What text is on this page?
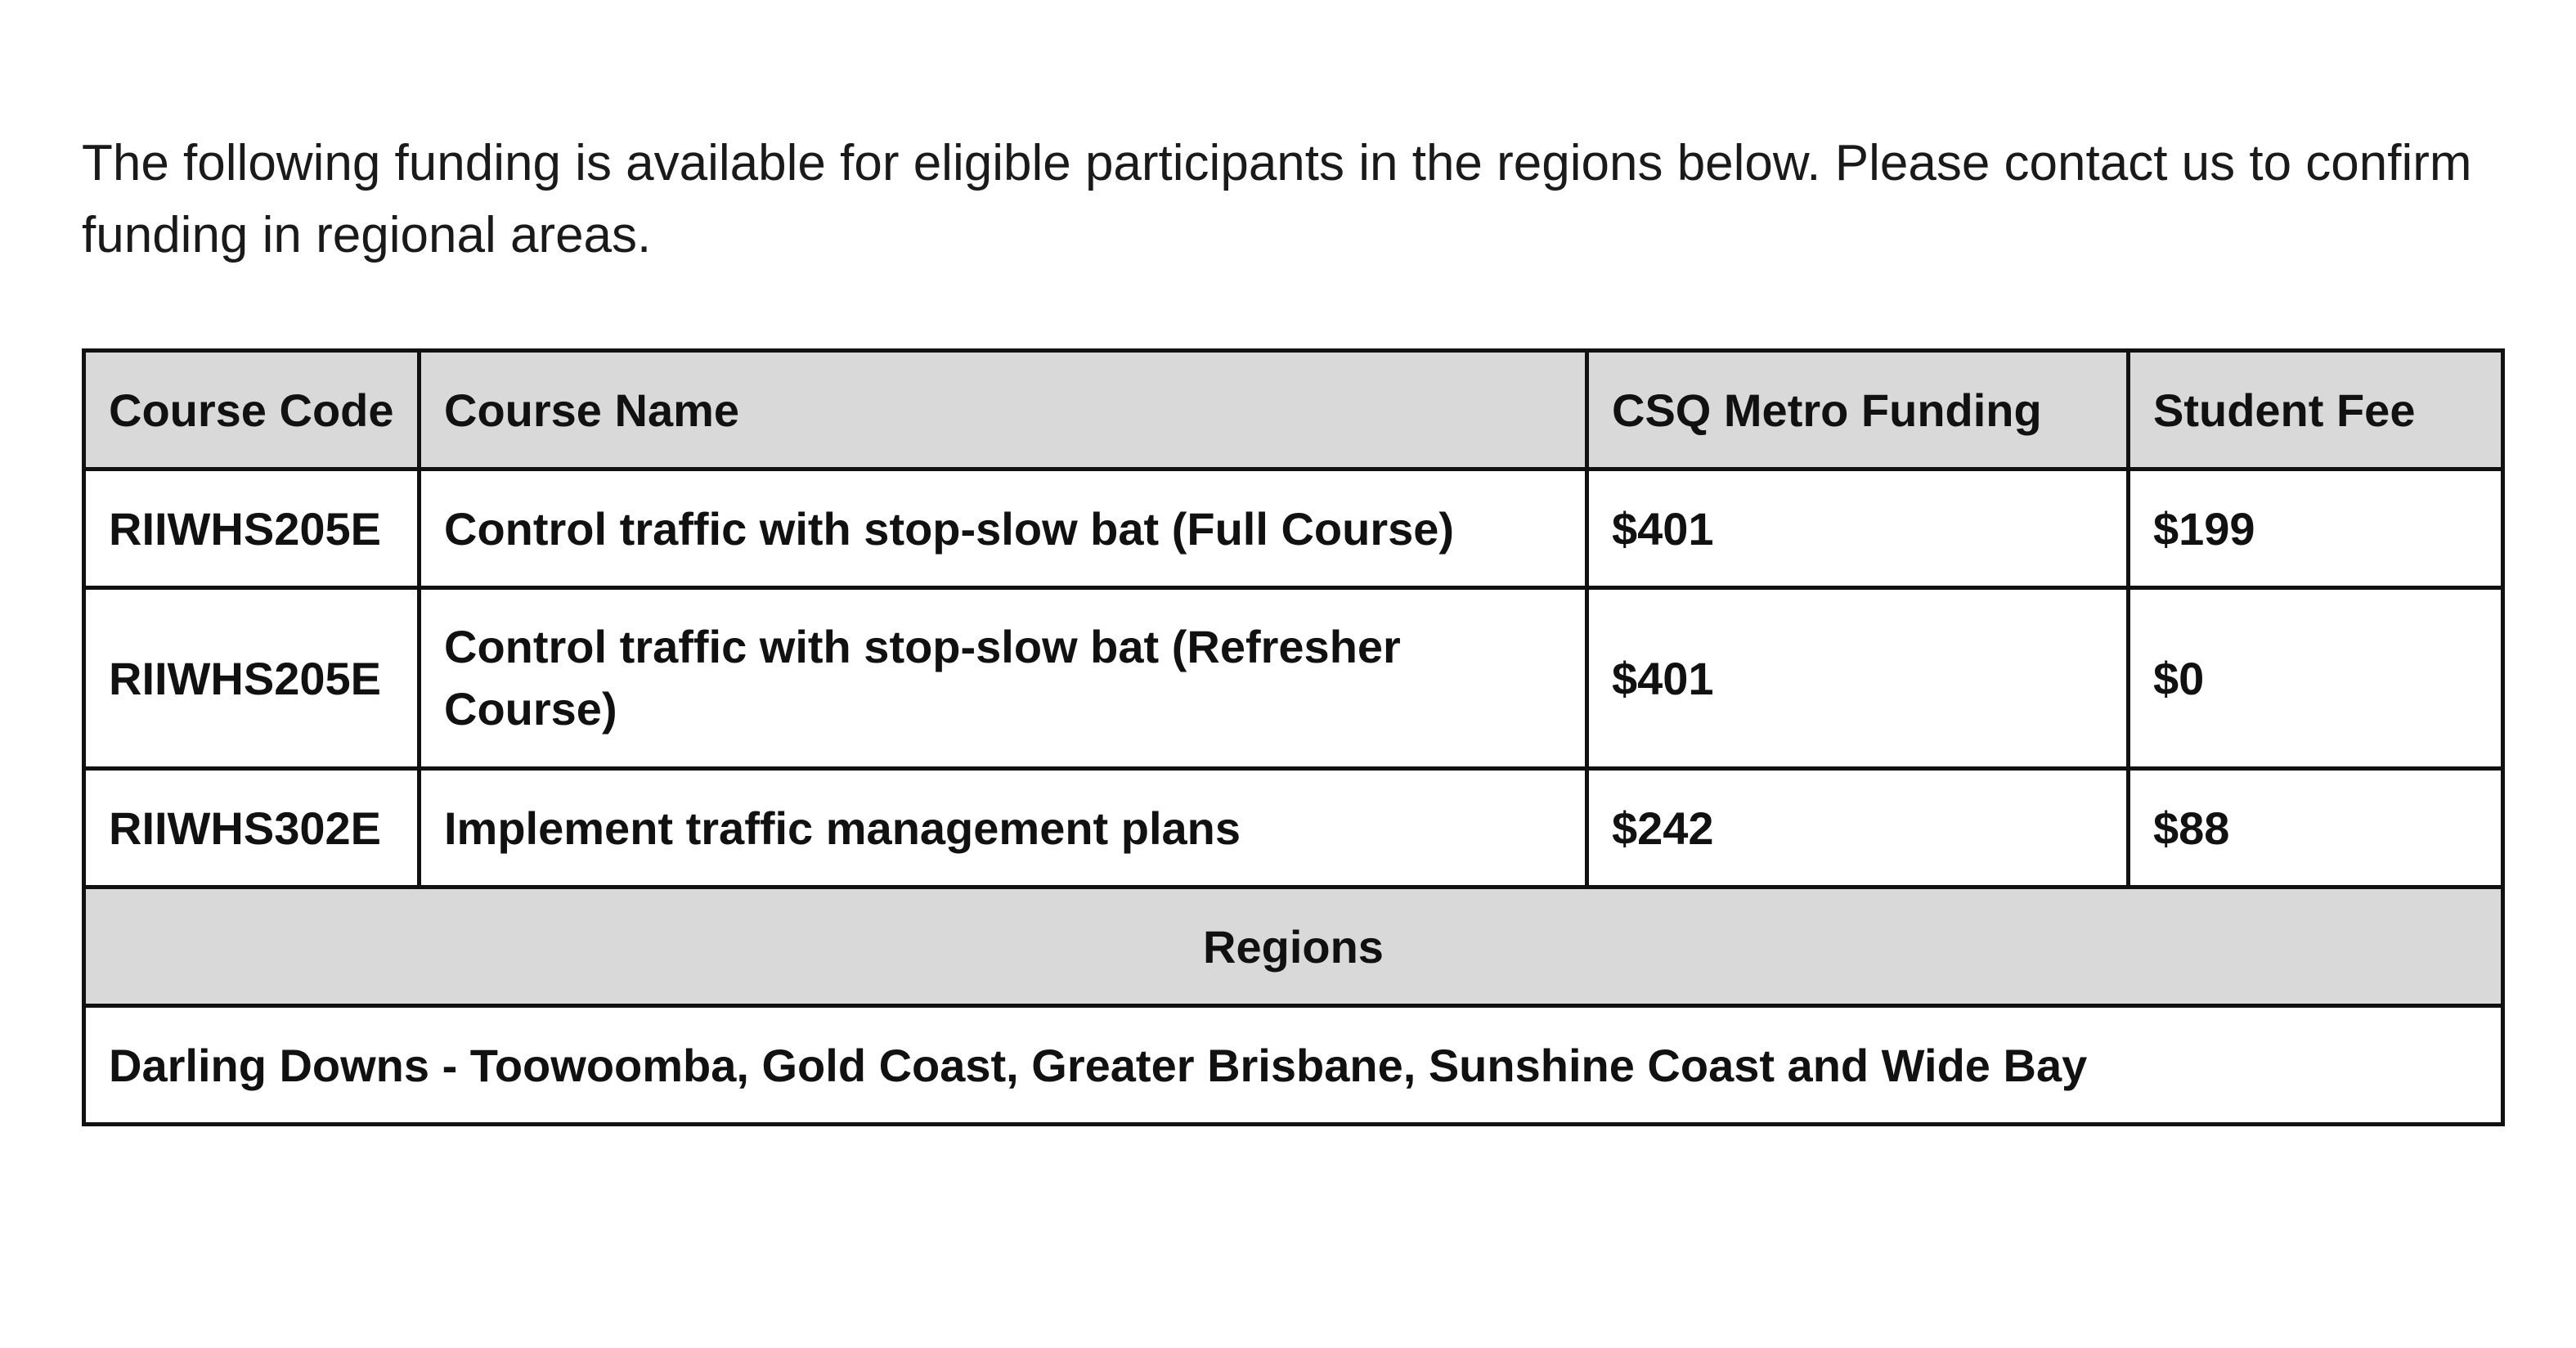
The following funding is available for eligible participants in the regions below. Please contact us to confirm funding in regional areas.

Course Code	Course Name	CSQ Metro Funding	Student Fee
RIIWHS205E	Control traffic with stop-slow bat (Full Course)	$401	$199
RIIWHS205E	Control traffic with stop-slow bat (Refresher Course)	$401	$0
RIIWHS302E	Implement traffic management plans	$242	$88
Regions			
Darling Downs - Toowoomba, Gold Coast, Greater Brisbane, Sunshine Coast and Wide Bay			
